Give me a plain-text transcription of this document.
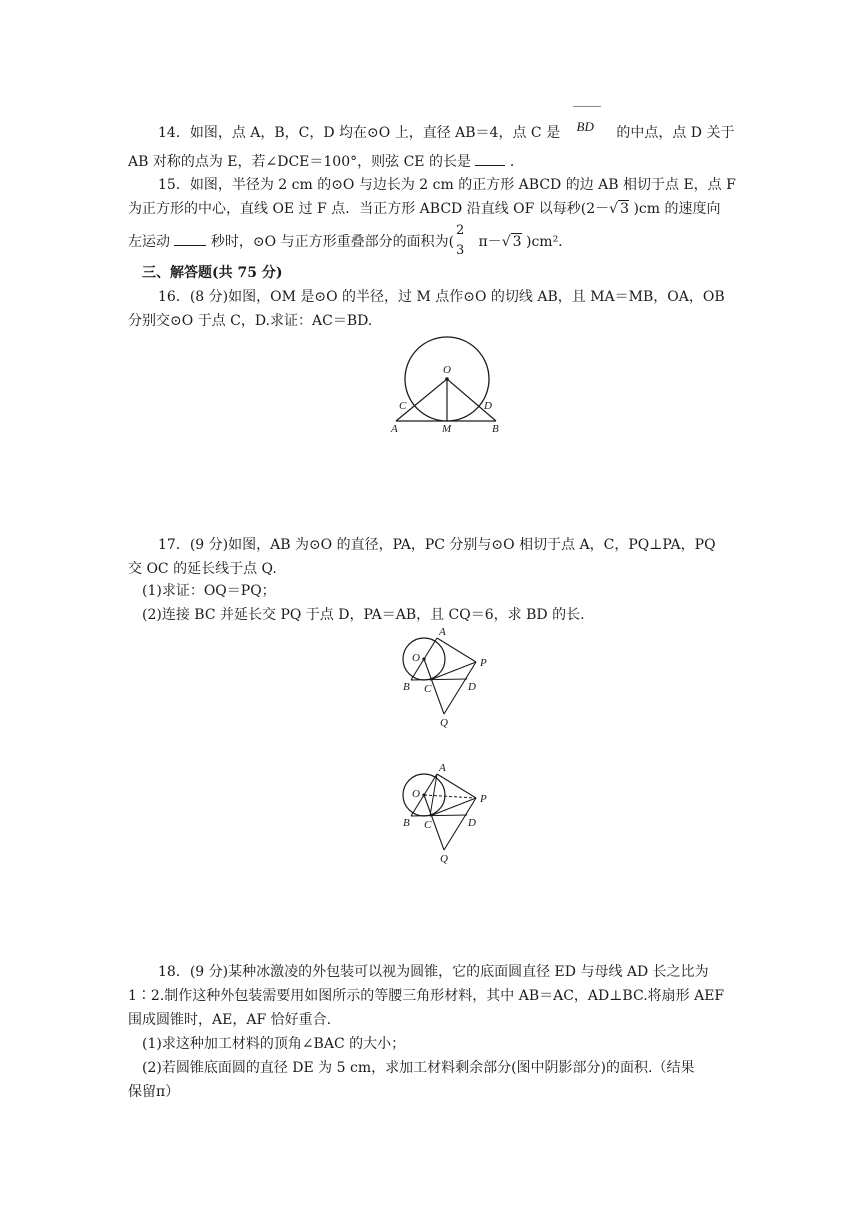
14．如图，点 A，B，C，D 均在⊙O 上，直径 AB＝4，点 C 是 BD 的中点，点 D 关于
AB 对称的点为 E，若∠DCE＝100°，则弦 CE 的长是	．
15．如图，半径为 2 cm 的⊙O 与边长为 2 cm 的正方形 ABCD 的边 AB 相切于点 E，点 F
为正方形的中心，直线 OE 过 F 点．当正方形 ABCD 沿直线 OF 以每秒(2－√ 3 )cm 的速度向
左运动	秒时，⊙O 与正方形重叠部分的面积为(
2
3
π－√ 3 )cm².
三、解答题(共 75 分)
16．(8 分)如图，OM 是⊙O 的半径，过 M 点作⊙O 的切线 AB，且 MA＝MB，OA，OB
分别交⊙O 于点 C，D.求证：AC＝BD.
O
C	D
A	M	B
17．(9 分)如图，AB 为⊙O 的直径，PA，PC 分别与⊙O 相切于点 A，C，PQ⊥PA，PQ
交 OC 的延长线于点 Q.
(1)求证：OQ＝PQ；
(2)连接 BC 并延长交 PQ 于点 D，PA＝AB，且 CQ＝6，求 BD 的长.
A
O	P
B C	D
Q
A
O	P
B C	D
Q
18．(9 分)某种冰激凌的外包装可以视为圆锥，它的底面圆直径 ED 与母线 AD 长之比为
1∶2.制作这种外包装需要用如图所示的等腰三角形材料，其中 AB＝AC，AD⊥BC.将扇形 AEF
围成圆锥时，AE，AF 恰好重合.
(1)求这种加工材料的顶角∠BAC 的大小；
(2)若圆锥底面圆的直径 DE 为 5 cm，求加工材料剩余部分(图中阴影部分)的面积.（结果
保留π）
